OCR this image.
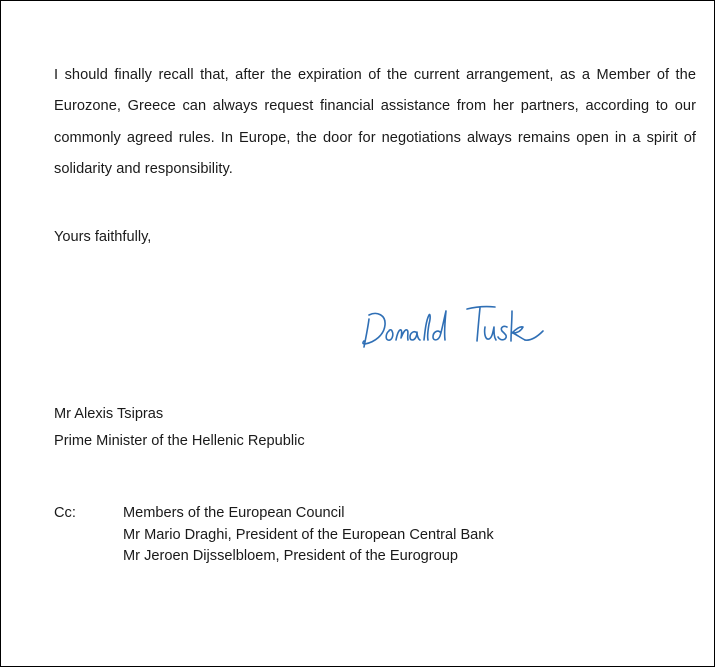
I should finally recall that, after the expiration of the current arrangement, as a Member of the Eurozone, Greece can always request financial assistance from her partners, according to our commonly agreed rules. In Europe, the door for negotiations always remains open in a spirit of solidarity and responsibility.

Yours faithfully,
Mr Alexis Tsipras
Prime Minister of the Hellenic Republic
Cc:	Members of the European Council
Mr Mario Draghi, President of the European Central Bank
Mr Jeroen Dijsselbloem, President of the Eurogroup
